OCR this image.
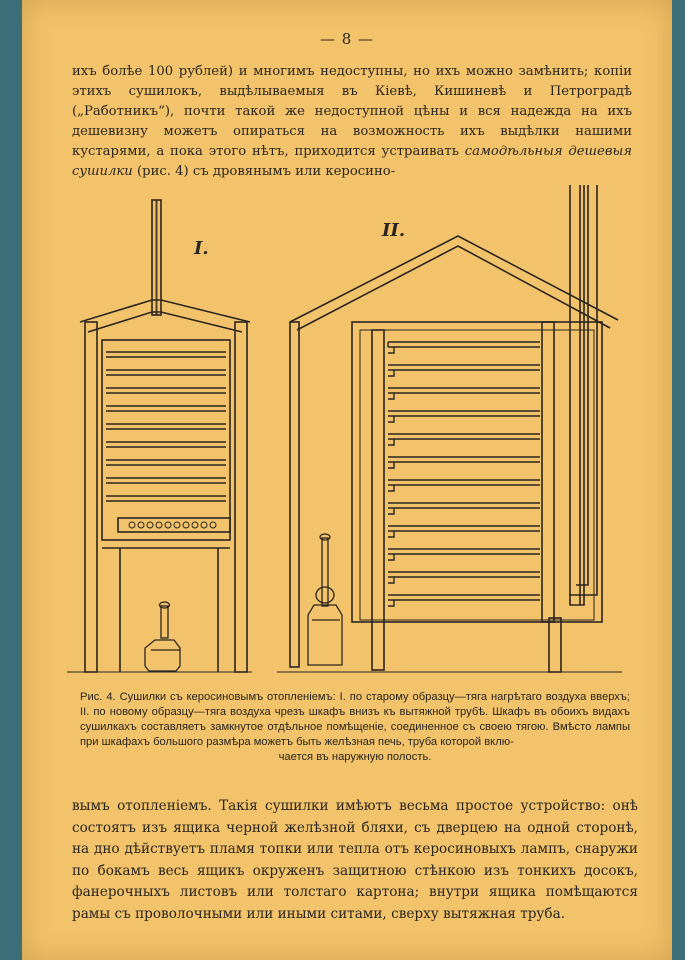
— 8 —
ихъ болѣе 100 рублей) и многимъ недоступны, но ихъ можно замѣнить; копіи этихъ сушилокъ, выдѣлываемыя въ Кіевѣ, Кишиневѣ и Петроградѣ („Работникъ“), почти такой же недоступной цѣны и вся надежда на ихъ дешевизну можетъ опираться на возможность ихъ выдѣлки нашими кустарями, а пока этого нѣтъ, приходится устраивать самодѣльныя дешевыя сушилки (рис. 4) съ дровянымъ или керосино-
I.
II.
Рис. 4. Сушилки съ керосиновымъ отопленіемъ: I. по старому образцу—тяга нагрѣтаго воздуха вверхъ; II. по новому образцу—тяга воздуха чрезъ шкафъ внизъ къ вытяжной трубѣ. Шкафъ въ обоихъ видахъ сушилкахъ составляетъ замкнутое отдѣльное помѣщеніе, соединенное съ своею тягою. Вмѣсто лампы при шкафахъ большого размѣра можетъ быть желѣзная печь, труба которой вклю-
чается въ наружную полость.
вымъ отопленіемъ. Такія сушилки имѣютъ весьма простое устройство: онѣ состоятъ изъ ящика черной желѣзной бляхи, съ дверцею на одной сторонѣ, на дно дѣйствуетъ пламя топки или тепла отъ керосиновыхъ лампъ, снаружи по бокамъ весь ящикъ окруженъ защитною стѣнкою изъ тонкихъ досокъ, фанерочныхъ листовъ или толстаго картона; внутри ящика помѣщаются рамы съ проволочными или иными ситами, сверху вытяжная труба.
